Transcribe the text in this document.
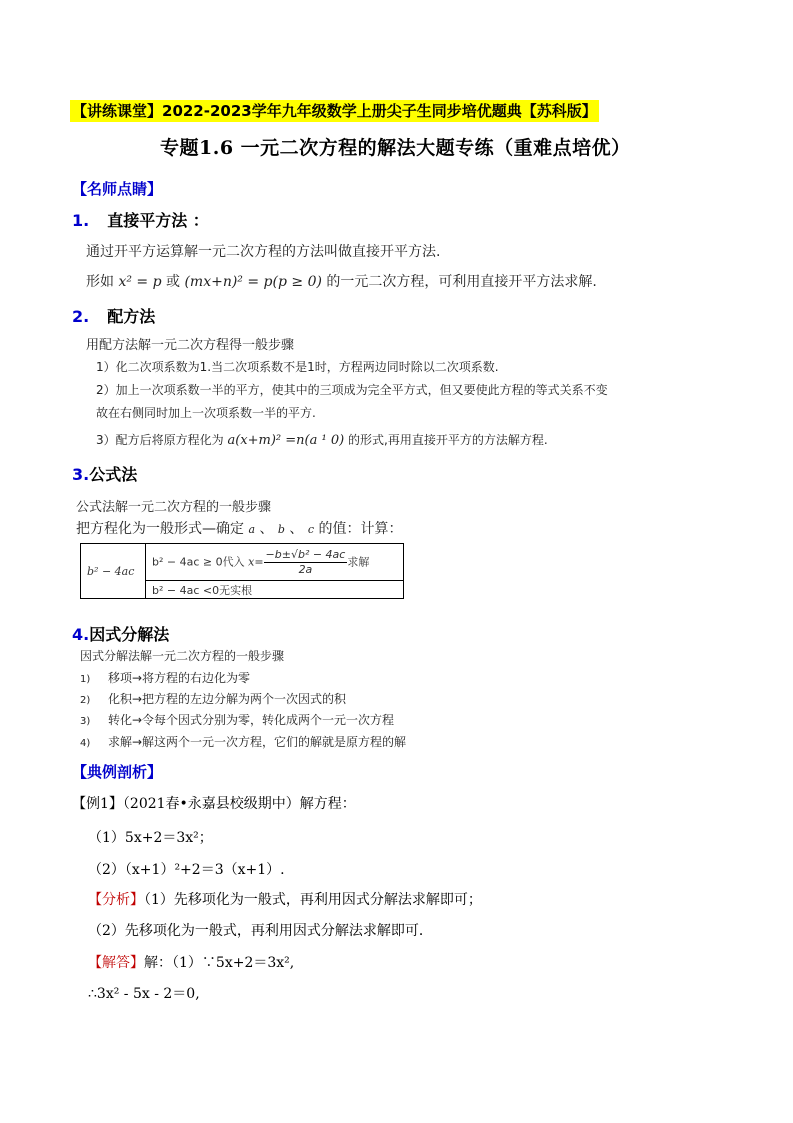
【讲练课堂】2022-2023学年九年级数学上册尖子生同步培优题典【苏科版】
专题1.6 一元二次方程的解法大题专练（重难点培优）
【名师点睛】
1. 直接平方法 ：
通过开平方运算解一元二次方程的方法叫做直接开平方法.
形如 x² = p 或 (mx+n)² = p(p ≥ 0) 的一元二次方程，可利用直接开平方法求解.
2. 配方法
用配方法解一元二次方程得一般步骤
1）化二次项系数为1.当二次项系数不是1时，方程两边同时除以二次项系数.
2）加上一次项系数一半的平方，使其中的三项成为完全平方式，但又要使此方程的等式关系不变
故在右侧同时加上一次项系数一半的平方.
3）配方后将原方程化为 a(x+m)² =n(a ¹ 0) 的形式,再用直接开平方的方法解方程.
3.公式法
公式法解一元二次方程的一般步骤
把方程化为一般形式—确定 a 、 b 、 c 的值：计算：
b² − 4ac	b² − 4ac ≥ 0代入 $x= \frac{\text{−b±√b² − 4ac}}{2a}$ 求解
b² − 4ac <0无实根
4.因式分解法
因式分解法解一元二次方程的一般步骤
1) 移项→将方程的右边化为零
2) 化积→把方程的左边分解为两个一次因式的积
3) 转化→令每个因式分别为零，转化成两个一元一次方程
4) 求解→解这两个一元一次方程，它们的解就是原方程的解
【典例剖析】
【例1】（2021春•永嘉县校级期中）解方程：
（1）5x+2＝3x²；
（2）（x+1）²+2＝3（x+1）.
【分析】（1）先移项化为一般式，再利用因式分解法求解即可；
（2）先移项化为一般式，再利用因式分解法求解即可．
【解答】解：（1）∵5x+2＝3x²,
∴3x² - 5x - 2＝0,
